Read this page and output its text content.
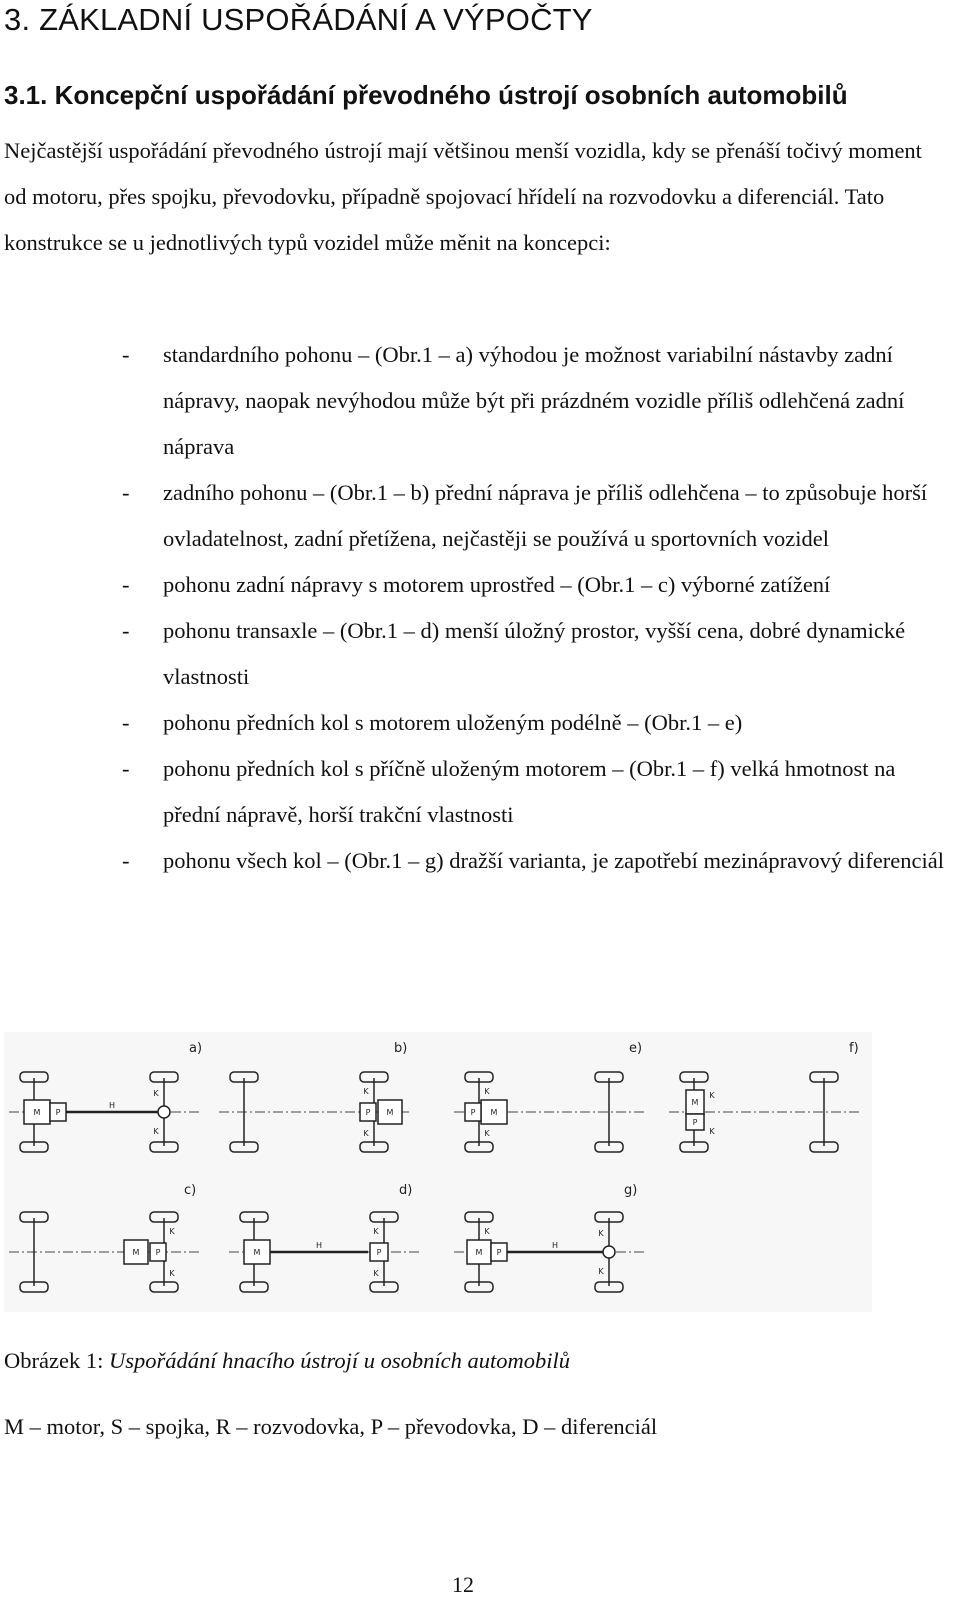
3. ZÁKLADNÍ USPOŘÁDÁNÍ A VÝPOČTY
3.1. Koncepční uspořádání převodného ústrojí osobních automobilů

Nejčastější uspořádání převodného ústrojí mají většinou menší vozidla, kdy se přenáší točivý moment od motoru, přes spojku, převodovku, případně spojovací hřídelí na rozvodovku a diferenciál. Tato konstrukce se u jednotlivých typů vozidel může měnit na koncepci:

- standardního pohonu – (Obr.1 – a) výhodou je možnost variabilní nástavby zadní nápravy, naopak nevýhodou může být při prázdném vozidle příliš odlehčená zadní náprava
- zadního pohonu – (Obr.1 – b) přední náprava je příliš odlehčena – to způsobuje horší ovladatelnost, zadní přetížena, nejčastěji se používá u sportovních vozidel
- pohonu zadní nápravy s motorem uprostřed – (Obr.1 – c) výborné zatížení
- pohonu transaxle – (Obr.1 – d) menší úložný prostor, vyšší cena, dobré dynamické vlastnosti
- pohonu předních kol s motorem uloženým podélně – (Obr.1 – e)
- pohonu předních kol s příčně uloženým motorem – (Obr.1 – f) velká hmotnost na přední nápravě, horší trakční vlastnosti
- pohonu všech kol – (Obr.1 – g) dražší varianta, je zapotřebí mezinápravový diferenciál
M P
H
K
K
a)
M
P
K
K
b)
M
P
K
K
e)
M
P
K
K
f)
M P
K
K
c)
M
H
P
K
K
d)
M P
H
K	K
K
g)

Obrázek 1: Uspořádání hnacího ústrojí u osobních automobilů

M – motor, S – spojka, R – rozvodovka, P – převodovka, D – diferenciál

12
